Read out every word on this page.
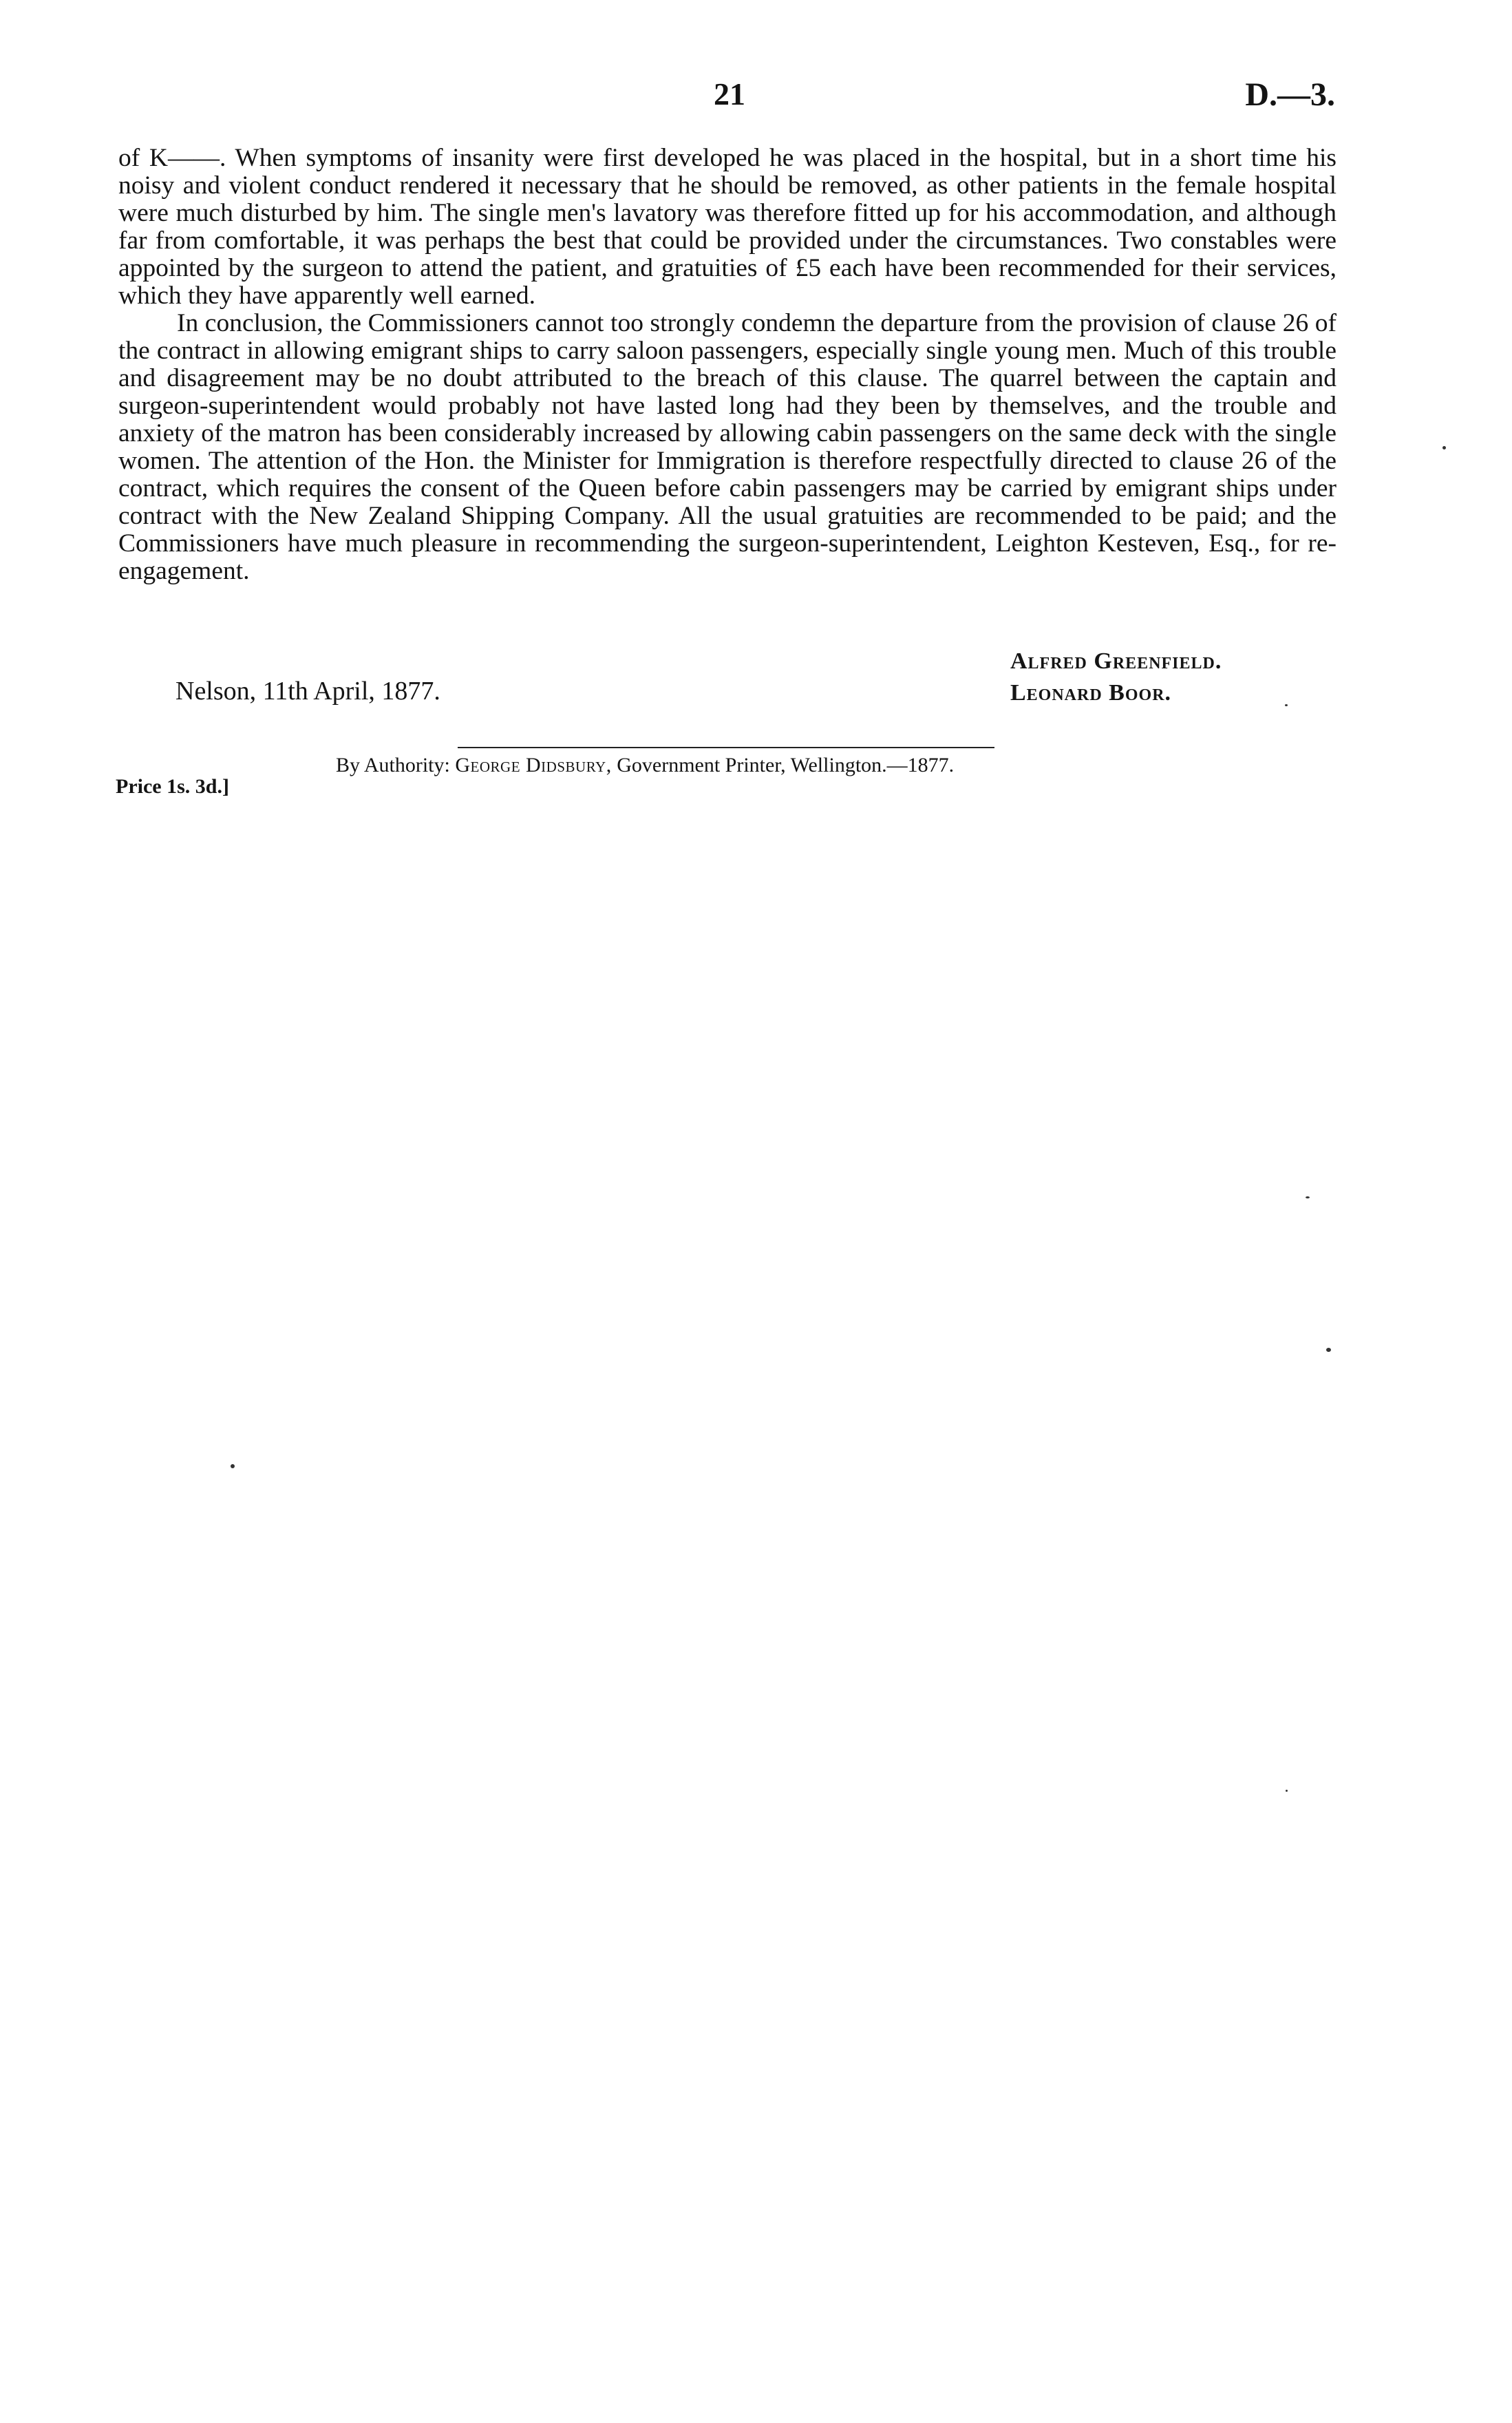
21	D.—3.

of K——. When symptoms of insanity were first developed he was placed in the hospital, but in a short time his noisy and violent conduct rendered it necessary that he should be removed, as other patients in the female hospital were much disturbed by him. The single men's lavatory was therefore fitted up for his accommodation, and although far from comfortable, it was perhaps the best that could be provided under the circumstances. Two constables were appointed by the surgeon to attend the patient, and gratuities of £5 each have been recommended for their services, which they have apparently well earned.

In conclusion, the Commissioners cannot too strongly condemn the departure from the provision of clause 26 of the contract in allowing emigrant ships to carry saloon passengers, especially single young men. Much of this trouble and disagreement may be no doubt attributed to the breach of this clause. The quarrel between the captain and surgeon-superintendent would probably not have lasted long had they been by themselves, and the trouble and anxiety of the matron has been considerably increased by allowing cabin passengers on the same deck with the single women. The attention of the Hon. the Minister for Immigration is therefore respectfully directed to clause 26 of the contract, which requires the consent of the Queen before cabin passengers may be carried by emigrant ships under contract with the New Zealand Shipping Company. All the usual gratuities are recommended to be paid; and the Commissioners have much pleasure in recommending the surgeon-superintendent, Leighton Kesteven, Esq., for re-engagement.

Alfred Greenfield.
Leonard Boor.
Nelson, 11th April, 1877.
By Authority: George Didsbury, Government Printer, Wellington.—1877.
Price 1s. 3d.]
